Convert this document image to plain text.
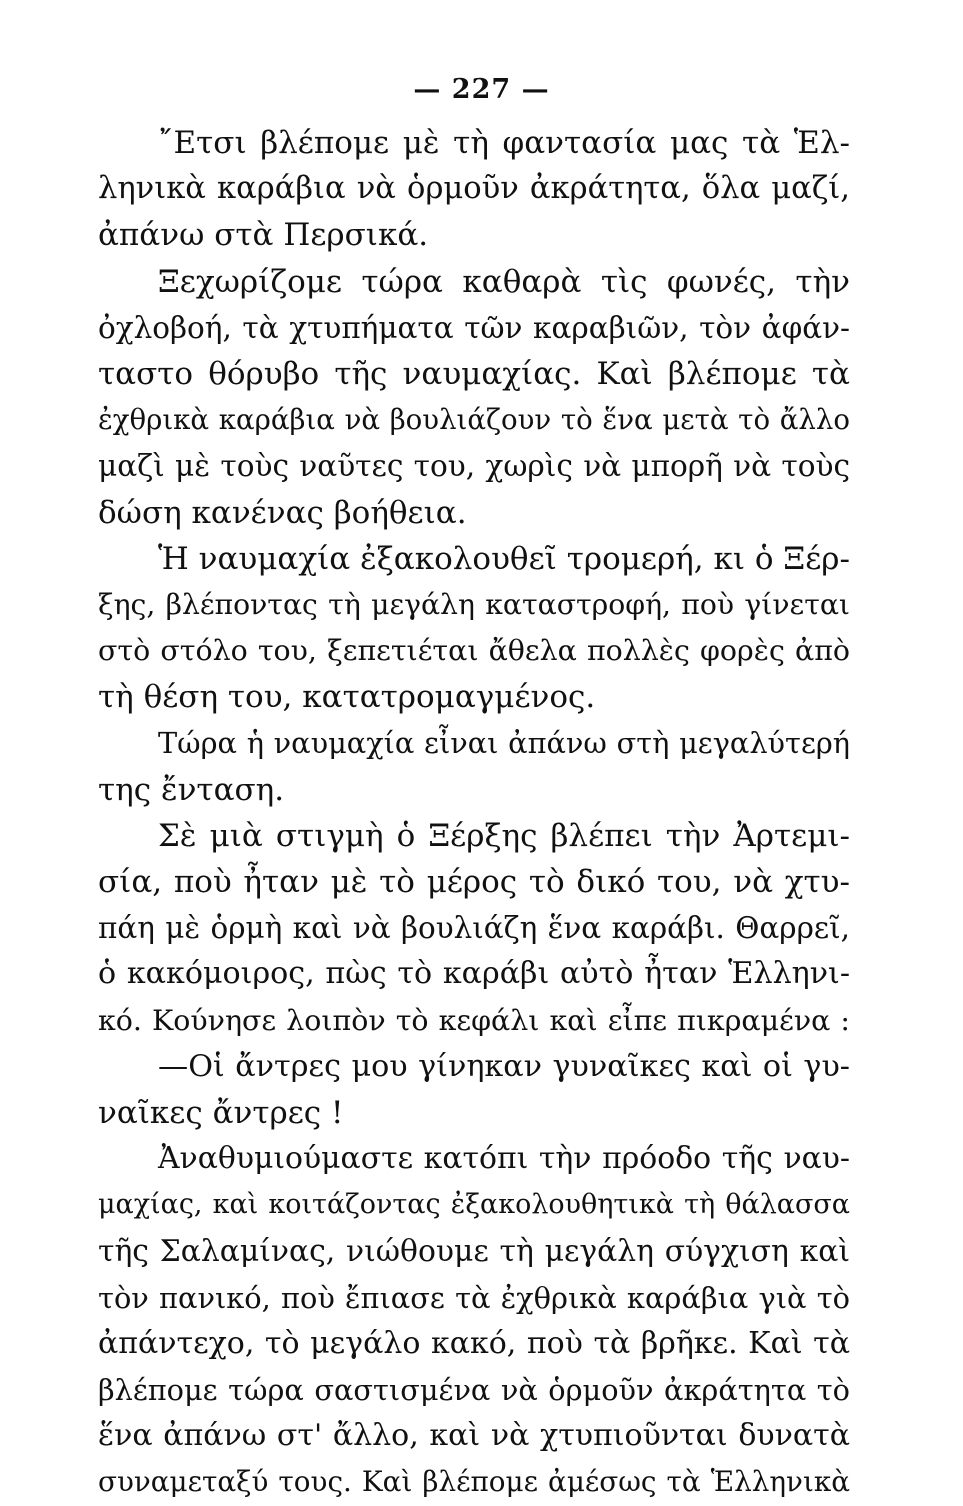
— 227 —
῎Ετσι βλέπομε μὲ τὴ φαντασία μας τὰ Ἑλ-
ληνικὰ καράβια νὰ ὁρμοῦν ἀκράτητα, ὅλα μαζί,
ἀπάνω στὰ Περσικά.
Ξεχωρίζομε τώρα καθαρὰ τὶς φωνές, τὴν
ὀχλοβοή, τὰ χτυπήματα τῶν καραβιῶν, τὸν ἀφάν-
ταστο θόρυβο τῆς ναυμαχίας. Καὶ βλέπομε τὰ
ἐχθρικὰ καράβια νὰ βουλιάζουν τὸ ἕνα μετὰ τὸ ἄλλο
μαζὶ μὲ τοὺς ναῦτες του, χωρὶς νὰ μπορῆ νὰ τοὺς
δώση κανένας βοήθεια.
Ἡ ναυμαχία ἐξακολουθεῖ τρομερή, κι ὁ Ξέρ-
ξης, βλέποντας τὴ μεγάλη καταστροφή, ποὺ γίνεται
στὸ στόλο του, ξεπετιέται ἄθελα πολλὲς φορὲς ἀπὸ
τὴ θέση του, κατατρομαγμένος.
Τώρα ἡ ναυμαχία εἶναι ἀπάνω στὴ μεγαλύτερή
της ἔνταση.
Σὲ μιὰ στιγμὴ ὁ Ξέρξης βλέπει τὴν Ἀρτεμι-
σία, ποὺ ἦταν μὲ τὸ μέρος τὸ δικό του, νὰ χτυ-
πάη μὲ ὁρμὴ καὶ νὰ βουλιάζη ἕνα καράβι. Θαρρεῖ,
ὁ κακόμοιρος, πὼς τὸ καράβι αὐτὸ ἦταν Ἑλληνι-
κό. Κούνησε λοιπὸν τὸ κεφάλι καὶ εἶπε πικραμένα :
—Οἱ ἄντρες μου γίνηκαν γυναῖκες καὶ οἱ γυ-
ναῖκες ἄντρες !
Ἀναθυμιούμαστε κατόπι τὴν πρόοδο τῆς ναυ-
μαχίας, καὶ κοιτάζοντας ἐξακολουθητικὰ τὴ θάλασσα
τῆς Σαλαμίνας, νιώθουμε τὴ μεγάλη σύγχιση καὶ
τὸν πανικό, ποὺ ἔπιασε τὰ ἐχθρικὰ καράβια γιὰ τὸ
ἀπάντεχο, τὸ μεγάλο κακό, ποὺ τὰ βρῆκε. Καὶ τὰ
βλέπομε τώρα σαστισμένα νὰ ὁρμοῦν ἀκράτητα τὸ
ἕνα ἀπάνω στ' ἄλλο, καὶ νὰ χτυπιοῦνται δυνατὰ
συναμεταξύ τους. Καὶ βλέπομε ἀμέσως τὰ Ἑλληνικὰ
